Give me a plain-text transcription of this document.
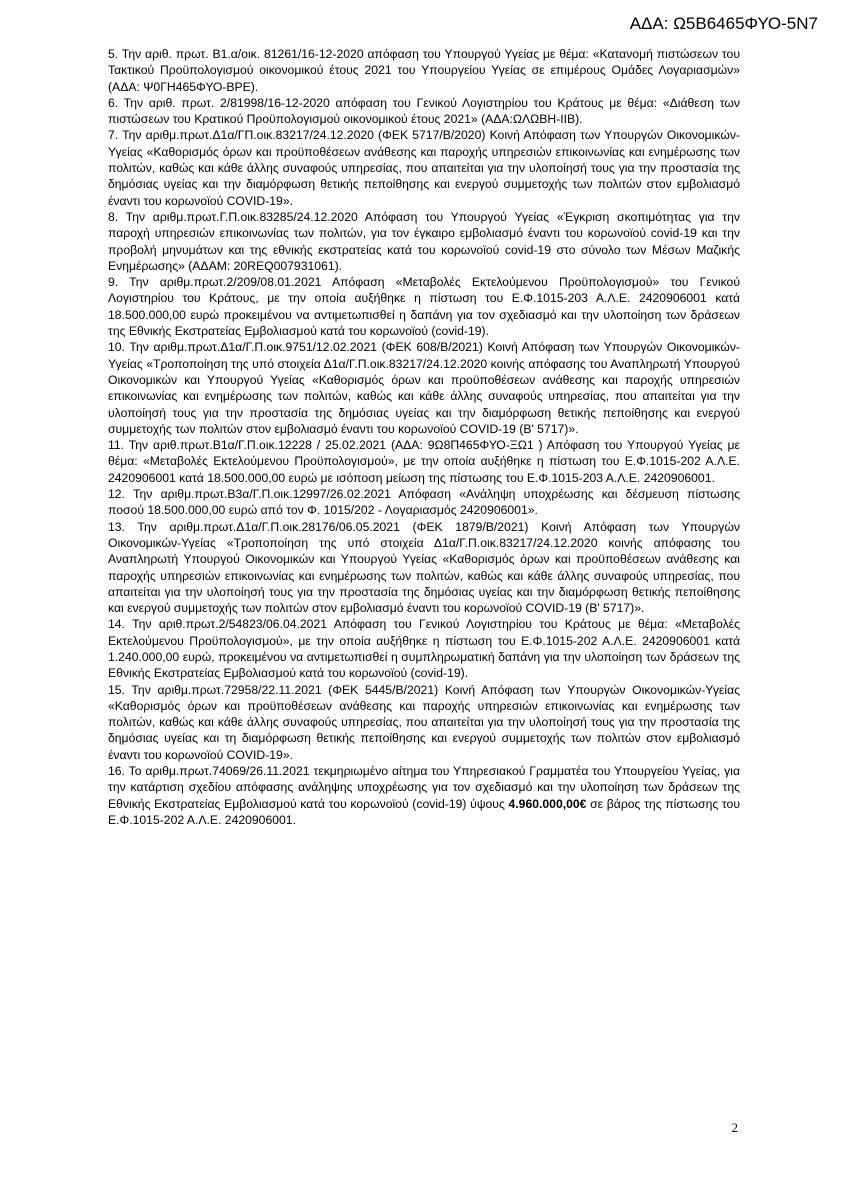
ΑΔΑ: Ω5Β6465ΦΥΟ-5Ν7

5. Την αριθ. πρωτ. Β1.α/οικ. 81261/16-12-2020 απόφαση του Υπουργού Υγείας με θέμα: «Κατανομή πιστώσεων του Τακτικού Προϋπολογισμού οικονομικού έτους 2021 του Υπουργείου Υγείας σε επιμέρους Ομάδες Λογαριασμών» (ΑΔΑ: Ψ0ΓΗ465ΦΥΟ-ΒΡΕ).

6. Την αριθ. πρωτ. 2/81998/16-12-2020 απόφαση του Γενικού Λογιστηρίου του Κράτους με θέμα: «Διάθεση των πιστώσεων του Κρατικού Προϋπολογισμού οικονομικού έτους 2021» (ΑΔΑ:ΩΛΩΒΗ-ΙΙΒ).

7. Την αριθμ.πρωτ.Δ1α/ΓΠ.οικ.83217/24.12.2020 (ΦΕΚ 5717/Β/2020) Κοινή Απόφαση των Υπουργών Οικονομικών-Υγείας «Καθορισμός όρων και προϋποθέσεων ανάθεσης και παροχής υπηρεσιών επικοινωνίας και ενημέρωσης των πολιτών, καθώς και κάθε άλλης συναφούς υπηρεσίας, που απαιτείται για την υλοποίησή τους για την προστασία της δημόσιας υγείας και την διαμόρφωση θετικής πεποίθησης και ενεργού συμμετοχής των πολιτών στον εμβολιασμό έναντι του κορωνοϊού COVID-19».

8. Την αριθμ.πρωτ.Γ.Π.οικ.83285/24.12.2020 Απόφαση του Υπουργού Υγείας «Έγκριση σκοπιμότητας για την παροχή υπηρεσιών επικοινωνίας των πολιτών, για τον έγκαιρο εμβολιασμό έναντι του κορωνοϊού covid-19 και την προβολή μηνυμάτων και της εθνικής εκστρατείας κατά του κορωνοϊού covid-19 στο σύνολο των Μέσων Μαζικής Ενημέρωσης» (ΑΔΑΜ: 20REQ007931061).

9. Την αριθμ.πρωτ.2/209/08.01.2021 Απόφαση «Μεταβολές Εκτελούμενου Προϋπολογισμού» του Γενικού Λογιστηρίου του Κράτους, με την οποία αυξήθηκε η πίστωση του Ε.Φ.1015-203 Α.Λ.Ε. 2420906001 κατά 18.500.000,00 ευρώ προκειμένου να αντιμετωπισθεί η δαπάνη για τον σχεδιασμό και την υλοποίηση των δράσεων της Εθνικής Εκστρατείας Εμβολιασμού κατά του κορωνοϊού (covid-19).

10. Την αριθμ.πρωτ.Δ1α/Γ.Π.οικ.9751/12.02.2021 (ΦΕΚ 608/Β/2021) Κοινή Απόφαση των Υπουργών Οικονομικών-Υγείας «Τροποποίηση της υπό στοιχεία Δ1α/Γ.Π.οικ.83217/24.12.2020 κοινής απόφασης του Αναπληρωτή Υπουργού Οικονομικών και Υπουργού Υγείας «Καθορισμός όρων και προϋποθέσεων ανάθεσης και παροχής υπηρεσιών επικοινωνίας και ενημέρωσης των πολιτών, καθώς και κάθε άλλης συναφούς υπηρεσίας, που απαιτείται για την υλοποίησή τους για την προστασία της δημόσιας υγείας και την διαμόρφωση θετικής πεποίθησης και ενεργού συμμετοχής των πολιτών στον εμβολιασμό έναντι του κορωνοϊού COVID-19 (Β' 5717)».

11. Την αριθ.πρωτ.Β1α/Γ.Π.οικ.12228 / 25.02.2021 (ΑΔΑ: 9Ω8Π465ΦΥΟ-ΞΩ1 ) Απόφαση του Υπουργού Υγείας με θέμα: «Μεταβολές Εκτελούμενου Προϋπολογισμού», με την οποία αυξήθηκε η πίστωση του Ε.Φ.1015-202 Α.Λ.Ε. 2420906001 κατά 18.500.000,00 ευρώ με ισόποση μείωση της πίστωσης του Ε.Φ.1015-203 Α.Λ.Ε. 2420906001.

12. Την αριθμ.πρωτ.Β3α/Γ.Π.οικ.12997/26.02.2021 Απόφαση «Ανάληψη υποχρέωσης και δέσμευση πίστωσης ποσού 18.500.000,00 ευρώ από τον Φ. 1015/202 - Λογαριασμός 2420906001».

13. Την αριθμ.πρωτ.Δ1α/Γ.Π.οικ.28176/06.05.2021 (ΦΕΚ 1879/Β/2021) Κοινή Απόφαση των Υπουργών Οικονομικών-Υγείας «Τροποποίηση της υπό στοιχεία Δ1α/Γ.Π.οικ.83217/24.12.2020 κοινής απόφασης του Αναπληρωτή Υπουργού Οικονομικών και Υπουργού Υγείας «Καθορισμός όρων και προϋποθέσεων ανάθεσης και παροχής υπηρεσιών επικοινωνίας και ενημέρωσης των πολιτών, καθώς και κάθε άλλης συναφούς υπηρεσίας, που απαιτείται για την υλοποίησή τους για την προστασία της δημόσιας υγείας και την διαμόρφωση θετικής πεποίθησης και ενεργού συμμετοχής των πολιτών στον εμβολιασμό έναντι του κορωνοϊού COVID-19 (Β' 5717)».

14. Την αριθ.πρωτ.2/54823/06.04.2021 Απόφαση του Γενικού Λογιστηρίου του Κράτους με θέμα: «Μεταβολές Εκτελούμενου Προϋπολογισμού», με την οποία αυξήθηκε η πίστωση του Ε.Φ.1015-202 Α.Λ.Ε. 2420906001 κατά 1.240.000,00 ευρώ, προκειμένου να αντιμετωπισθεί η συμπληρωματική δαπάνη για την υλοποίηση των δράσεων της Εθνικής Εκστρατείας Εμβολιασμού κατά του κορωνοϊού (covid-19).

15. Την αριθμ.πρωτ.72958/22.11.2021 (ΦΕΚ 5445/Β/2021) Κοινή Απόφαση των Υπουργών Οικονομικών-Υγείας «Καθορισμός όρων και προϋποθέσεων ανάθεσης και παροχής υπηρεσιών επικοινωνίας και ενημέρωσης των πολιτών, καθώς και κάθε άλλης συναφούς υπηρεσίας, που απαιτείται για την υλοποίησή τους για την προστασία της δημόσιας υγείας και τη διαμόρφωση θετικής πεποίθησης και ενεργού συμμετοχής των πολιτών στον εμβολιασμό έναντι του κορωνοϊού COVID-19».

16. Το αριθμ.πρωτ.74069/26.11.2021 τεκμηριωμένο αίτημα του Υπηρεσιακού Γραμματέα του Υπουργείου Υγείας, για την κατάρτιση σχεδίου απόφασης ανάληψης υποχρέωσης για τον σχεδιασμό και την υλοποίηση των δράσεων της Εθνικής Εκστρατείας Εμβολιασμού κατά του κορωνοϊού (covid-19) ύψους 4.960.000,00€ σε βάρος της πίστωσης του Ε.Φ.1015-202 Α.Λ.Ε. 2420906001.

2
